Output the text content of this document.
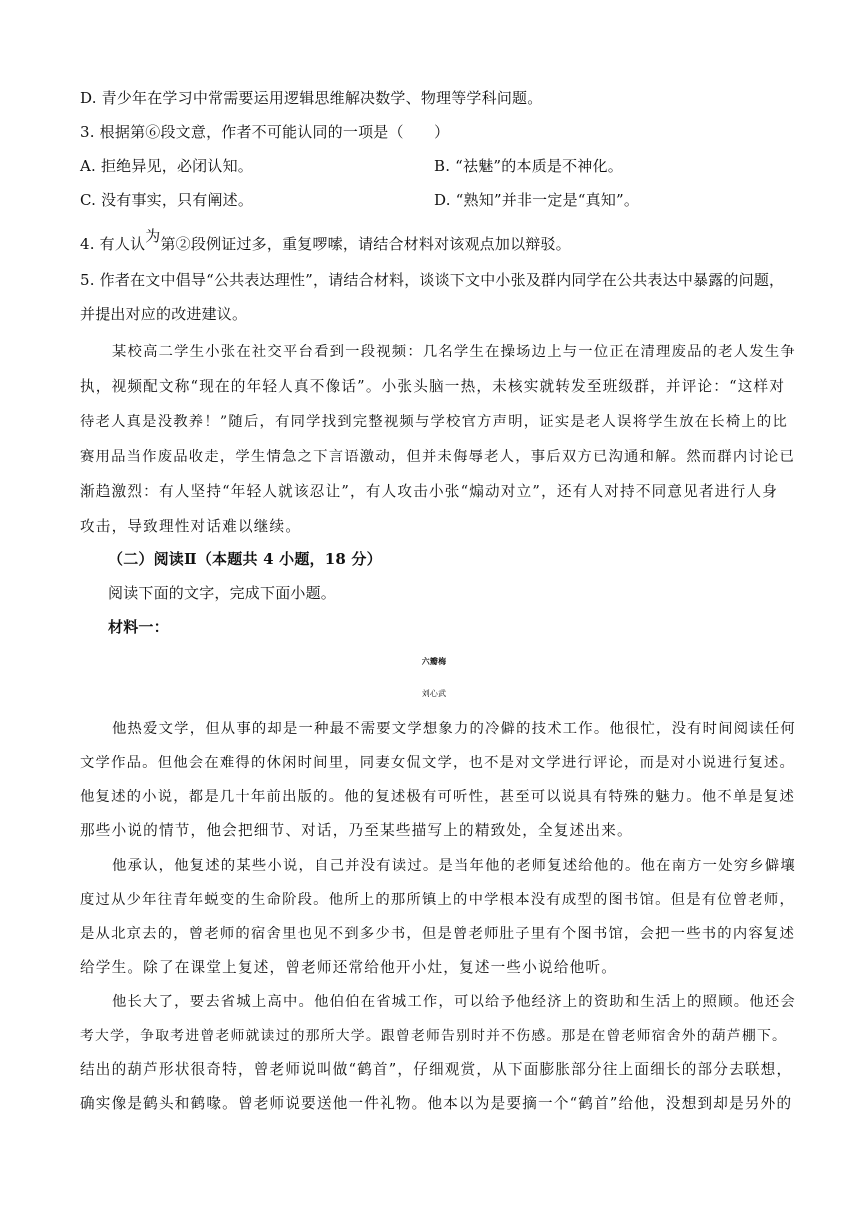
D. 青少年在学习中常需要运用逻辑思维解决数学、物理等学科问题。
3. 根据第⑥段文意，作者不可能认同的一项是（　　）
A. 拒绝异见，必闭认知。	B. “祛魅”的本质是不神化。
C. 没有事实，只有阐述。	D. “熟知”并非一定是“真知”。
4. 有人认为第②段例证过多，重复啰嗦，请结合材料对该观点加以辩驳。
5. 作者在文中倡导“公共表达理性”，请结合材料，谈谈下文中小张及群内同学在公共表达中暴露的问题，
并提出对应的改进建议。
某校高二学生小张在社交平台看到一段视频：几名学生在操场边上与一位正在清理废品的老人发生争
执，视频配文称“现在的年轻人真不像话”。小张头脑一热，未核实就转发至班级群，并评论：“这样对
待老人真是没教养！”随后，有同学找到完整视频与学校官方声明，证实是老人误将学生放在长椅上的比
赛用品当作废品收走，学生情急之下言语激动，但并未侮辱老人，事后双方已沟通和解。然而群内讨论已
渐趋激烈：有人坚持“年轻人就该忍让”，有人攻击小张“煽动对立”，还有人对持不同意见者进行人身
攻击，导致理性对话难以继续。
（二）阅读Ⅱ（本题共 4 小题，18 分）
阅读下面的文字，完成下面小题。
材料一：
六瓣梅
刘心武
他热爱文学，但从事的却是一种最不需要文学想象力的冷僻的技术工作。他很忙，没有时间阅读任何
文学作品。但他会在难得的休闲时间里，同妻女侃文学，也不是对文学进行评论，而是对小说进行复述。
他复述的小说，都是几十年前出版的。他的复述极有可听性，甚至可以说具有特殊的魅力。他不单是复述
那些小说的情节，他会把细节、对话，乃至某些描写上的精致处，全复述出来。
他承认，他复述的某些小说，自己并没有读过。是当年他的老师复述给他的。他在南方一处穷乡僻壤
度过从少年往青年蜕变的生命阶段。他所上的那所镇上的中学根本没有成型的图书馆。但是有位曾老师，
是从北京去的，曾老师的宿舍里也见不到多少书，但是曾老师肚子里有个图书馆，会把一些书的内容复述
给学生。除了在课堂上复述，曾老师还常给他开小灶，复述一些小说给他听。
他长大了，要去省城上高中。他伯伯在省城工作，可以给予他经济上的资助和生活上的照顾。他还会
考大学，争取考进曾老师就读过的那所大学。跟曾老师告别时并不伤感。那是在曾老师宿舍外的葫芦棚下。
结出的葫芦形状很奇特，曾老师说叫做“鹤首”，仔细观赏，从下面膨胀部分往上面细长的部分去联想，
确实像是鹤头和鹤喙。曾老师说要送他一件礼物。他本以为是要摘一个“鹤首”给他，没想到却是另外的
